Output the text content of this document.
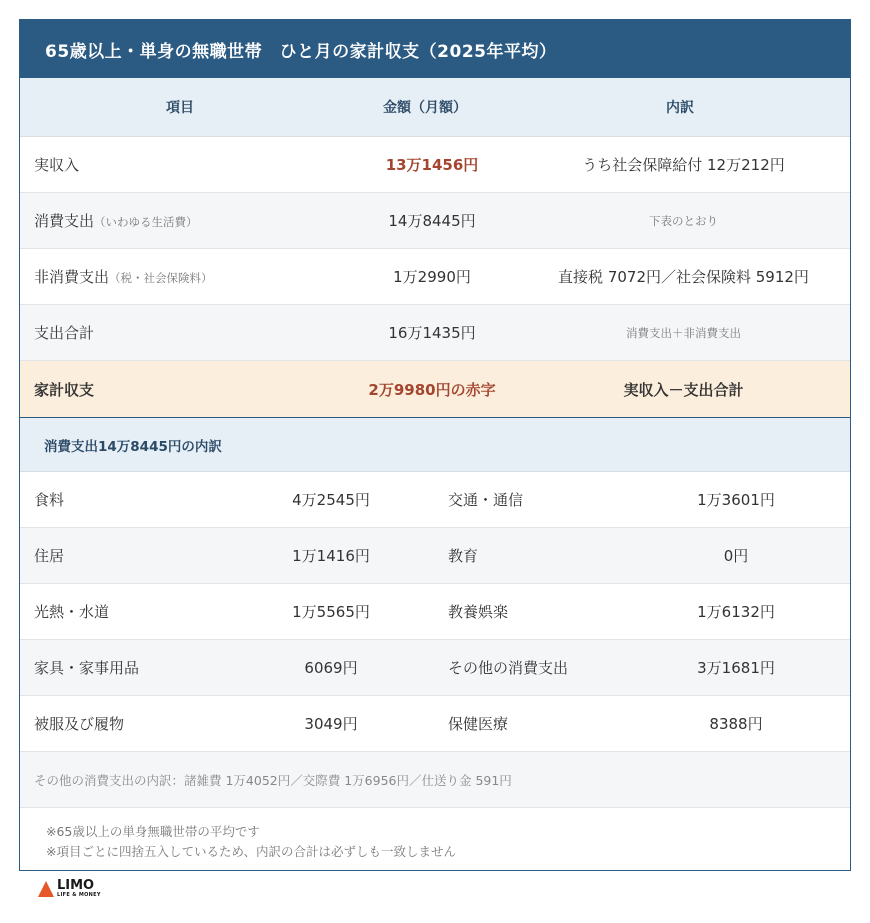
65歳以上・単身の無職世帯　ひと月の家計収支（2025年平均）
項目	金額（月額）	内訳
実収入	13万1456円	うち社会保障給付 12万212円
消費支出（いわゆる生活費）	14万8445円	下表のとおり
非消費支出（税・社会保険料）	1万2990円	直接税 7072円／社会保険料 5912円
支出合計	16万1435円	消費支出＋非消費支出
家計収支	2万9980円の赤字	実収入－支出合計
消費支出14万8445円の内訳
食料	4万2545円	交通・通信	1万3601円
住居	1万1416円	教育	0円
光熱・水道	1万5565円	教養娯楽	1万6132円
家具・家事用品	6069円	その他の消費支出	3万1681円
被服及び履物	3049円	保健医療	8388円
その他の消費支出の内訳：諸雑費 1万4052円／交際費 1万6956円／仕送り金 591円
※65歳以上の単身無職世帯の平均です
※項目ごとに四捨五入しているため、内訳の合計は必ずしも一致しません
LIMO
LIFE & MONEY
